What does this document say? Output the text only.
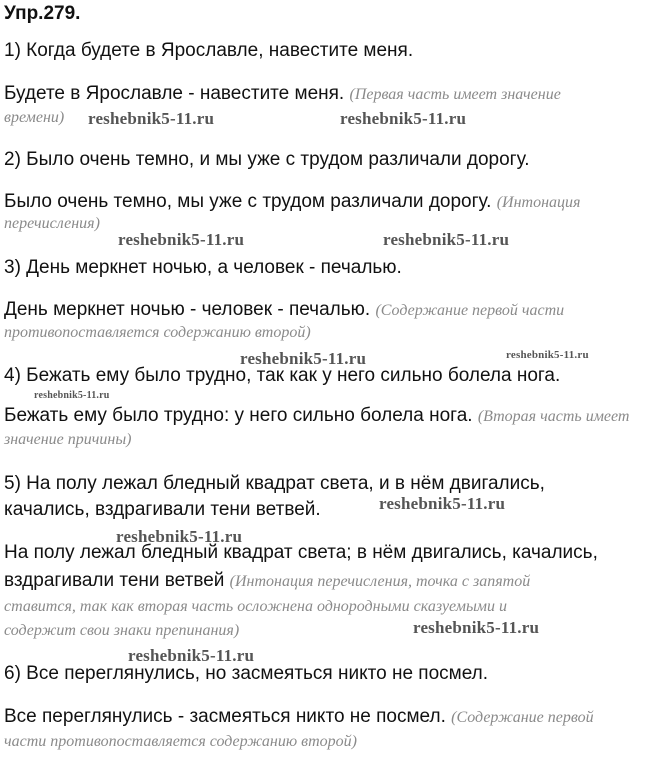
Упр.279.
1) Когда будете в Ярославле, навестите меня.
Будете в Ярославле - навестите меня. (Первая часть имеет значение
времени)
2) Было очень темно, и мы уже с трудом различали дорогу.
Было очень темно, мы уже с трудом различали дорогу. (Интонация
перечисления)
3) День меркнет ночью, а человек - печалью.
День меркнет ночью - человек - печалью. (Содержание первой части
противопоставляется содержанию второй)
4) Бежать ему было трудно, так как у него сильно болела нога.
Бежать ему было трудно: у него сильно болела нога. (Вторая часть имеет
значение причины)
5) На полу лежал бледный квадрат света, и в нём двигались,
качались, вздрагивали тени ветвей.
На полу лежал бледный квадрат света; в нём двигались, качались,
вздрагивали тени ветвей (Интонация перечисления, точка с запятой
ставится, так как вторая часть осложнена однородными сказуемыми и
содержит свои знаки препинания)
6) Все переглянулись, но засмеяться никто не посмел.
Все переглянулись - засмеяться никто не посмел. (Содержание первой
части противопоставляется содержанию второй)
reshebnik5-11.ru	reshebnik5-11.ru
reshebnik5-11.ru	reshebnik5-11.ru
reshebnik5-11.ru	reshebnik5-11.ru
reshebnik5-11.ru
reshebnik5-11.ru
reshebnik5-11.ru
reshebnik5-11.ru
reshebnik5-11.ru
